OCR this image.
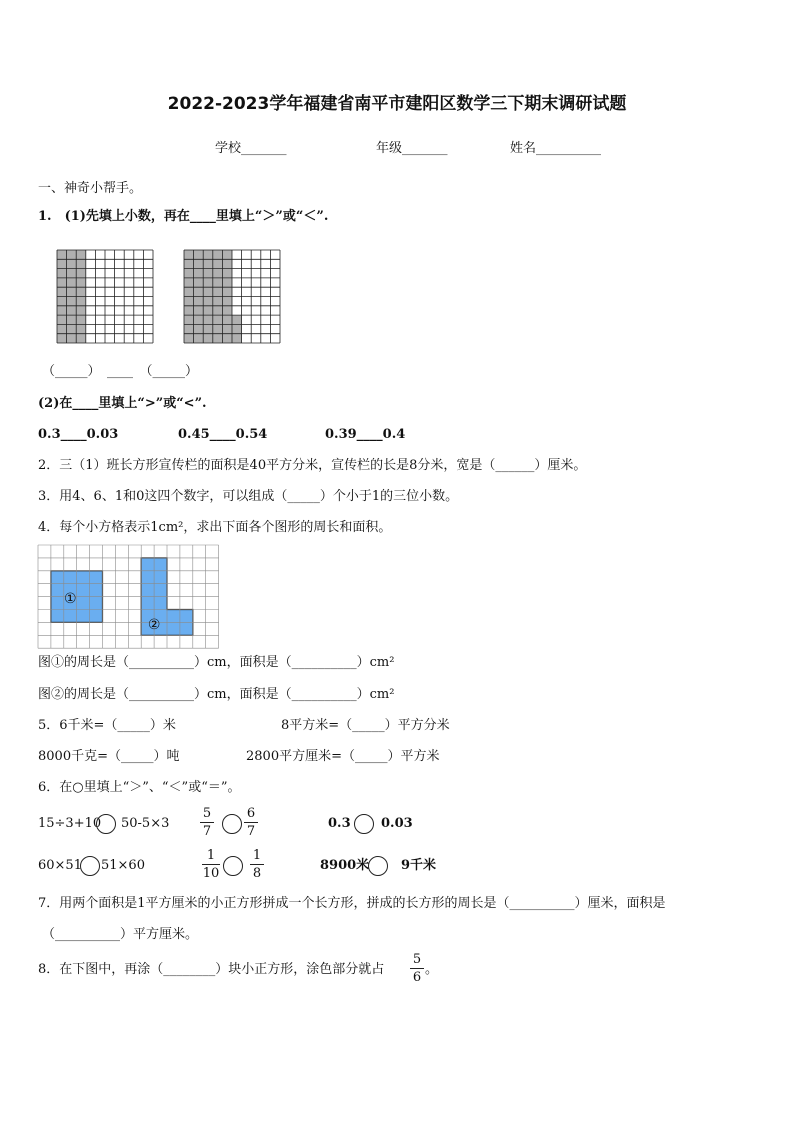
2022-2023学年福建省南平市建阳区数学三下期末调研试题
学校_______	年级_______	姓名__________
一、神奇小帮手。
1.　(1)先填上小数，再在____里填上“＞”或“＜”.
（_____）　____　（_____）
(2)在____里填上“>”或“<”.
0.3____0.03	0.45____0.54	0.39____0.4
2．三（1）班长方形宣传栏的面积是40平方分米，宣传栏的长是8分米，宽是（______）厘米。
3．用4、6、1和0这四个数字，可以组成（_____）个小于1的三位小数。
4．每个小方格表示1cm²，求出下面各个图形的周长和面积。
①
②
图①的周长是（__________）cm，面积是（__________）cm²
图②的周长是（__________）cm，面积是（__________）cm²
5．6千米=（_____）米	8平方米=（_____）平方分米
8000千克=（_____）吨	2800平方厘米=（_____）平方米
6．在○里填上“＞”、“＜”或“＝”。
15÷3+10 50-5×3
5
7
6
7
0.3 0.03
60×51 51×60
1
10
1
8
8900米 9千米
7．用两个面积是1平方厘米的小正方形拼成一个长方形，拼成的长方形的周长是（__________）厘米，面积是
（__________）平方厘米。
8．在下图中，再涂（________）块小正方形，涂色部分就占
5
6
。
